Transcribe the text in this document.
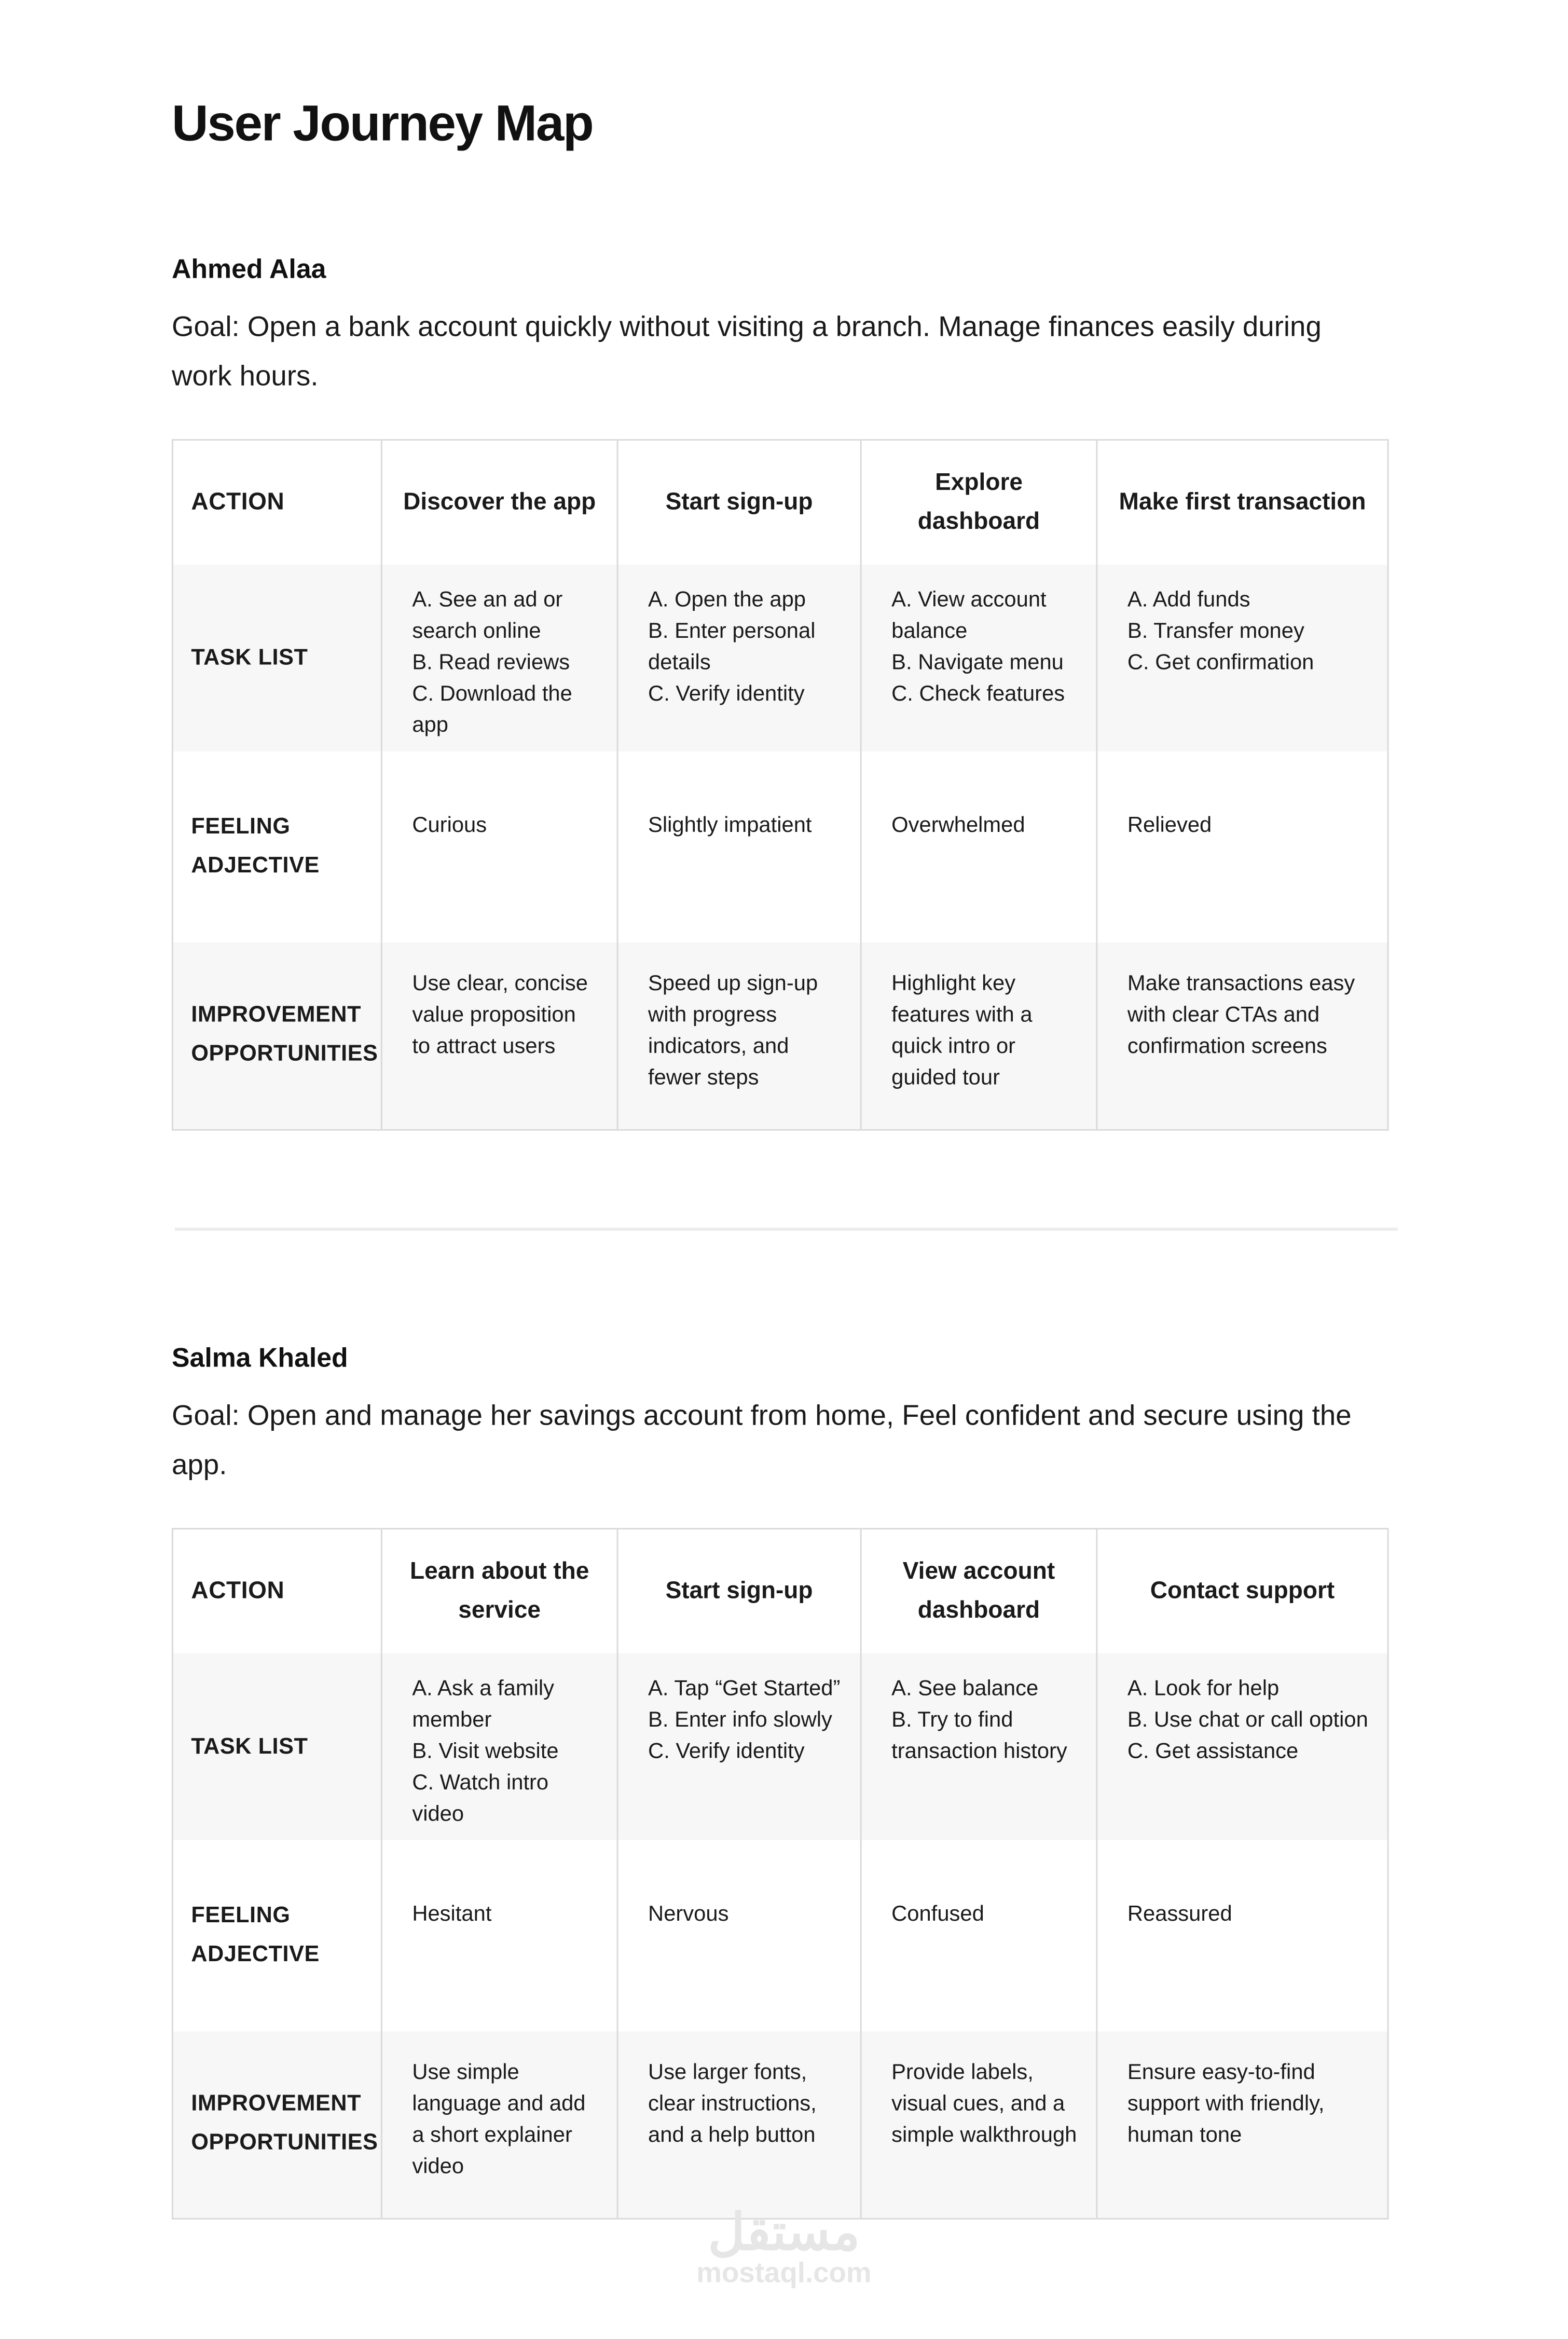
User Journey Map

Ahmed Alaa

Goal: Open a bank account quickly without visiting a branch. Manage finances easily during work hours.

ACTION	Discover the app	Start sign-up	Explore dashboard	Make first transaction
TASK LIST	A. See an ad or search online
B. Read reviews
C. Download the app	A. Open the app
B. Enter personal details
C. Verify identity	A. View account balance
B. Navigate menu
C. Check features	A. Add funds
B. Transfer money
C. Get confirmation

FEELING ADJECTIVE	Curious	Slightly impatient	Overwhelmed	Relieved
IMPROVEMENT OPPORTUNITIES	Use clear, concise value proposition to attract users	Speed up sign-up with progress indicators, and fewer steps	Highlight key features with a quick intro or guided tour	Make transactions easy with clear CTAs and confirmation screens

Salma Khaled

Goal: Open and manage her savings account from home, Feel confident and secure using the app.

ACTION	Learn about the service	Start sign-up	View account dashboard	Contact support
TASK LIST	A. Ask a family member
B. Visit website
C. Watch intro video	A. Tap “Get Started”
B. Enter info slowly
C. Verify identity	A. See balance
B. Try to find transaction history	A. Look for help
B. Use chat or call option
C. Get assistance

FEELING ADJECTIVE	Hesitant	Nervous	Confused	Reassured
IMPROVEMENT OPPORTUNITIES	Use simple language and add a short explainer video	Use larger fonts, clear instructions, and a help button	Provide labels, visual cues, and a simple walkthrough	Ensure easy-to-find support with friendly, human tone
مستقل
mostaql.com
